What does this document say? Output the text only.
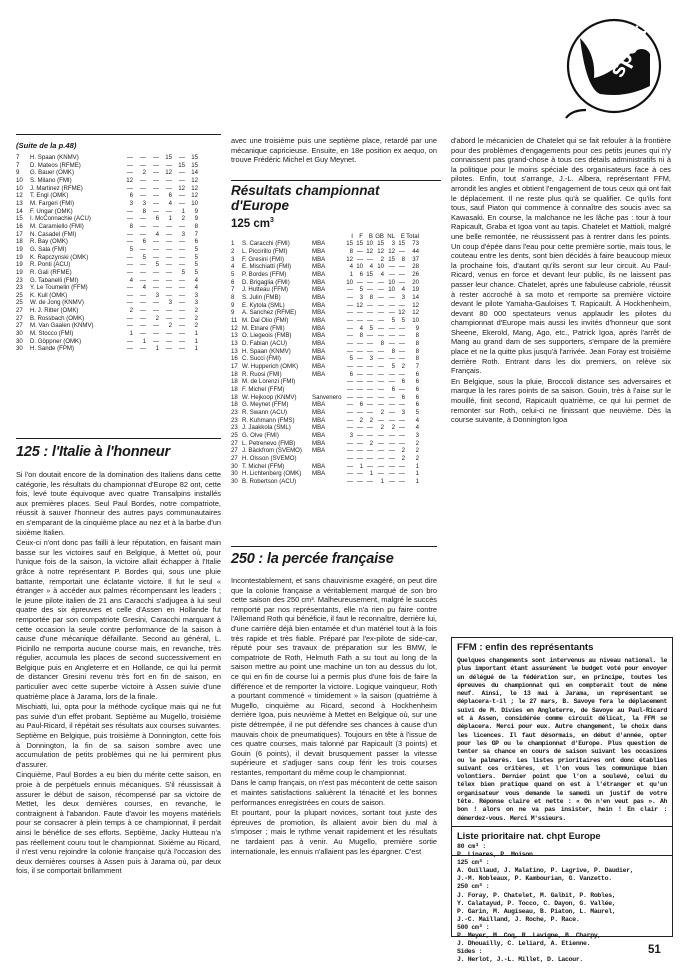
sport
(Suite de la p.48)
7	H. Spaan (KNMV)		—	—	—	15	—	15
7	D. Mateos (RFME)		—	—	—	—	15	15
9	G. Bauer (OMK)		—	2	—	12	—	14
10	S. Milano (FMI)		12	—	—	—	—	12
10	J. Martinez (RFME)		—	—	—	—	12	12
12	T. Engl (OMK)		6	—	—	6	—	12
13	M. Fargeri (FMI)		3	3	—	4	—	10
14	F. Ungar (OMK)		—	8	—	—	1	9
15	I. McConnachie (ACU)		—	—	6	1	2	9
16	M. Caramiello (FMI)		8	—	—	—	—	8
17	N. Casadel (FMI)		—	—	4	—	3	7
18	R. Bay (OMK)		—	6	—	—	—	6
19	G. Sala (FMI)		5	—	—	—	—	5
19	K. Rapczynski (OMK)		—	5	—	—	—	5
19	R. Ponti (ACU)		—	—	5	—	—	5
19	R. Gali (RFME)		—	—	—	—	5	5
23	G. Tabanelli (FMI)		4	—	—	—	—	4
23	Y. Le Toumelin (FFM)		—	4	—	—	—	4
25	K. Kull (OMK)		—	—	3	—	—	3
25	W. de Jong (KNMV)		—	—	—	3	—	3
27	H. J. Ritter (OMK)		2	—	—	—	—	2
27	B. Rossbach (OMK)		—	—	2	—	—	2
27	M. Van Gaalen (KNMV)		—	—	—	2	—	2
30	M. Stocco (FMI)		1	—	—	—	—	1
30	D. Göppner (OMK)		—	1	—	—	—	1
30	H. Sande (FPM)		—	—	1	—	—	1
125 : l'Italie à l'honneur

Si l'on doutait encore de la domination des Italiens dans cette catégorie, les résultats du championnat d'Europe 82 ont, cette fois, levé toute équivoque avec quatre Transalpins installés aux premières places. Seul Paul Bordes, notre compatriote, réussit à sauver l'honneur des autres pays communautaires en s'emparant de la cinquième place au nez et à la barbe d'un sixième Italien.

Ceux-ci n'ont donc pas failli à leur réputation, en faisant main basse sur les victoires sauf en Belgique, à Mettet où, pour l'unique fois de la saison, la victoire allait échapper à l'Italie grâce à notre représentant P. Bordes qui, sous une pluie battante, remportait une éclatante victoire. Il fut le seul « étranger » à accéder aux palmes récompensant les leaders ; le jeune pilote italien de 21 ans Caracchi s'adjugea à lui seul quatre des six épreuves et celle d'Assen en Hollande fut remportée par son compatriote Gresini, Caracchi marquant à cette occasion la seule contre performance de la saison à cause d'une mécanique défaillante. Second au général, L. Picinllo ne remporta aucune course mais, en revanche, très régulier, accumula les places de second successivement en Belgique puis en Angleterre et en Hollande, ce qui lui permit de distancer Gresini revenu très fort en fin de saison, en particulier avec cette superbe victoire à Assen suivie d'une quatrième place à Jarama, lors de la finale.

Mischiatti, lui, opta pour la méthode cyclique mais qui ne fut pas suivie d'un effet probant. Septième au Mugello, troisième au Paul-Ricard, il répétait ses résultats aux courses suivantes. Septième en Belgique, puis troisième à Donnington, cette fois à Donnington, la fin de sa saison sombre avec une accumulation de petits problèmes qui ne lui permirent plus d'assurer.

Cinquième, Paul Bordes a eu bien du mérite cette saison, en proie à de perpétuels ennuis mécaniques. S'il réussissait à assurer le début de saison, récompensé par sa victoire de Mettet, les deux dernières courses, en revanche, le contraignent à l'abandon. Faute d'avoir les moyens matériels pour se consacrer à plein temps à ce championnat, il perdait ainsi le bénéfice de ses efforts. Septième, Jacky Hutteau n'a pas réellement couru tout le championnat. Sixième au Ricard, il n'est venu rejoindre la colonie française qu'à l'occasion des deux dernières courses à Assen puis à Jarama où, par deux fois, il se comportait brillamment

avec une troisième puis une septième place, retardé par une mécanique capricieuse. Ensuite, en 18e position ex aequo, on trouve Frédéric Michel et Guy Meynet.

Résultats championnat d'Europe
125 $cm^3$
			I	F	B	GB	NL	E	Total
1	S. Caracchi (FMI)	MBA	15	15	10	15	3	15	73
2	L. Piccirillo (FMI)	MBA	8	—	12	12	12	—	44
3	F. Gresini (FMI)	MBA	12	—	—	2	15	8	37
4	E. Mischiatti (FMI)	MBA	4	10	4	10	—	—	28
5	P. Bordes (FFM)	MBA	1	6	15	4	—	—	26
6	D. Brigaglia (FMI)	MBA	10	—	—	—	10	—	20
7	J. Hutteau (FFM)	MBA	—	5	—	—	10	4	19
8	S. Julin (FMB)	MBA	—	3	8	—	—	3	14
9	E. Kytola (SML)	MBA	—	12	—	—	—	—	12
9	A. Sanchez (RFME)	MBA	—	—	—	—	—	12	12
11	M. Dal Olio (FMI)	MBA	—	—	—	—	5	5	10
12	M. Etnare (FMI)	MBA	—	4	5	—	—	—	9
13	O. Liegeois (FMB)	MBA	—	8	—	—	—	—	8
13	D. Fabian (ACU)	MBA	—	—	—	8	—	—	8
13	H. Spaan (KNMV)	MBA	—	—	—	—	8	—	8
16	C. Succi (FMI)	MBA	5	—	3	—	—	—	8
17	W. Hupperich (OMK)	MBA	—	—	—	—	5	2	7
18	R. Ruosi (FMI)	MBA	6	—	—	—	—	—	6
18	M. de Lorenzi (FMI)		—	—	—	—	—	6	6
18	F. Michel (FFM)		—	—	—	—	6	—	6
18	W. Hejkoop (KNMV)	Sanvenero	—	—	—	—	—	6	6
18	G. Meynet (FFM)	MBA	—	6	—	—	—	—	6
23	R. Swann (ACU)	MBA	—	—	—	2	—	3	5
23	R. Kuhmann (FMS)	MBA	—	2	2	—	—	—	4
23	J. Jaakkola (SML)	MBA	—	—	—	2	2	—	4
25	G. Olve (FMI)	MBA	3	—	—	—	—	—	3
27	L. Petrenevo (FMB)	MBA	—	—	2	—	—	—	2
27	J. Bäckfrom (SVEMO)	MBA	—	—	—	—	—	2	2
27	H. Olsson (SVEMO)		—	—	—	—	—	2	2
30	T. Michel (FFM)	MBA	—	1	—	—	—	—	1
30	H. Lichtenberg (OMK)	MBA	—	—	1	—	—	—	1
30	B. Robertson (ACU)		—	—	—	1	—	—	1
250 : la percée française

Incontestablement, et sans chauvinisme exagéré, on peut dire que la colonie française a véritablement marqué de son bro cette saison des 250 cm³. Malheureusement, malgré le succès remporté par nos représentants, elle n'a rien pu faire contre l'Allemand Roth qui bénéficie, il faut le reconnaître, derrière lui, d'une carrière déjà bien entamée et d'un matériel tout à la fois très rapide et très fiable. Préparé par l'ex-pilote de side-car, réputé pour ses travaux de préparation sur les BMW, le compatriote de Roth, Helmuth Fath a su tout au long de la saison mettre au point une machine un ton au dessus du lot, ce qui en fin de course lui a permis plus d'une fois de faire la différence et de remporter la victoire. Logique vainqueur, Roth a pourtant commencé « timidement » la saison (quatrième à Mugello, cinquième au Ricard, second à Hockhenheim derrière Igoa, puis neuvième à Mettet en Belgique où, sur une piste détrempée, il ne put défendre ses chances à cause d'un mauvais choix de pneumatiques). Toujours en tête à l'issue de ces quatre courses, mais talonné par Rapicault (3 points) et Gouin (6 points), il devait brusquement passer la vitesse supérieure et s'adjuger sans coup férir les trois courses restantes, remportant du même coup le championnat.

Dans le camp français, on n'est pas mécontent de cette saison et maintes satisfactions saluèrent la ténacité et les bonnes performances enregistrées en cours de saison.

Et pourtant, pour la plupart novices, sortant tout juste des épreuves de promotion, ils allaient avoir bien du mal à s'imposer ; mais le rythme venait rapidement et les résultats ne tardaient pas à venir. Au Mugello, première sortie internationale, les ennuis n'allaient pas les épargner. C'est

d'abord le mécanicien de Chatelet qui se fait refouler à la frontière pour des problèmes d'engagements pour ces petits jeunes qui n'y connaissent pas grand-chose à tous ces détails administratifs ni à la politique pour le moins spéciale des organisateurs face à ces pilotes. Enfin, tout s'arrange, J.-L. Albera, représentant FFM, arrondit les angles et obtient l'engagement de tous ceux qui ont fait le déplacement. Il ne reste plus qu'à se qualifier. Ce qu'ils font tous, sauf Piaton qui commence à connaître des soucis avec sa Kawasaki. En course, la malchance ne les lâche pas : tour à tour Rapicault, Graba et Igoa vont au tapis. Chatelet et Mattioli, malgré une belle remontée, ne réussissent pas à rentrer dans les points. Un coup d'épée dans l'eau pour cette première sortie, mais tous, le couteau entre les dents, sont bien décidés à faire beaucoup mieux la prochaine fois, d'autant qu'ils seront sur leur circuit. Au Paul-Ricard, venus en force et devant leur public, ils ne laissent pas passer leur chance. Chatelet, après une fabuleuse cabriole, réussit à rester accroché à sa moto et remporte sa première victoire devant le pilote Yamaha-Gauloises T. Rapicault. À Hockhenheim, devant 80 000 spectateurs venus applaudir les pilotes du championnat d'Europe mais aussi les invités d'honneur que sont Sheene, Ekerold, Mang, Ago, etc., Patrick Igoa, après l'arrêt de Mang au grand dam de ses supporters, s'empare de la première place et ne la quitte plus jusqu'à l'arrivée. Jean Foray est troisième derrière Roth. Entrant dans les dix premiers, on relève six Français.

En Belgique, sous la pluie, Broccoli distance ses adversaires et marque là les rares points de sa saison. Gouin, très à l'aise sur le mouillé, finit second, Rapicault quatrième, ce qui lui permet de remonter sur Roth, celui-ci ne finissant que neuvième. Dès la course suivante, à Donnington Igoa

FFM : enfin des représentants
Quelques changements sont intervenus au niveau national. le plus important étant assurément le budget voté pour envoyer un délégué de la fédération sur, en principe, toutes les épreuves du championnat qui en compterait tout de même neuf. Ainsi, le 13 mai à Jarama, un représentant se déplacera-t-il ; le 27 mars, B. Savoye fera le déplacement suivi de M. Divies en Angleterre, de Savoye au Paul-Ricard et à Assen, considérée comme circuit délicat, la FFM se déplacera. Merci pour eux. Autre changement, le choix dans les licences. Il faut désormais, en début d'année, opter pour les GP ou le championnat d'Europe. Plus question de tenter sa chance en cours de saison suivant les occasions ou le palmarès. Les listes prioritaires ont donc établies suivant ces critères, et l'on vous les communique bien volontiers. Dernier point que l'on a soulevé, celui du télex bien pratique quand on est à l'étranger et qu'un organisateur vous demande le samedi un justif de votre tête. Réponse claire et nette : « On n'en veut pas ». Ah bon ! alors on ne va pas insister, hein ! En clair : démerdez-vous. Merci M'ssieurs.
Liste prioritaire nat. chpt Europe
80 cm³ :
P. Linares, P. Moison.
125 cm³ :
A. Guillaud, J. Malatino, P. Lagrive, P. Daudier,
J.-M. Nobleaux, P. Kambourian, G. Vanzetto.
250 cm³ :
J. Foray, P. Chatelet, M. Galbit, P. Robles,
Y. Calatayud, P. Tocco, C. Dayon, G. Vallée,
P. Garin, M. Augiseau, B. Piaton, L. Maurel,
J.-C. Mailland, J. Roche, P. Race.
500 cm³ :
P. Meyer, M. Coq, R. Lavigne, B. Charpy,
J. Dhouailly, C. Leliard, A. Etienne.
Sides :
J. Herlot, J.-L. Millet, D. Lacour.
51
